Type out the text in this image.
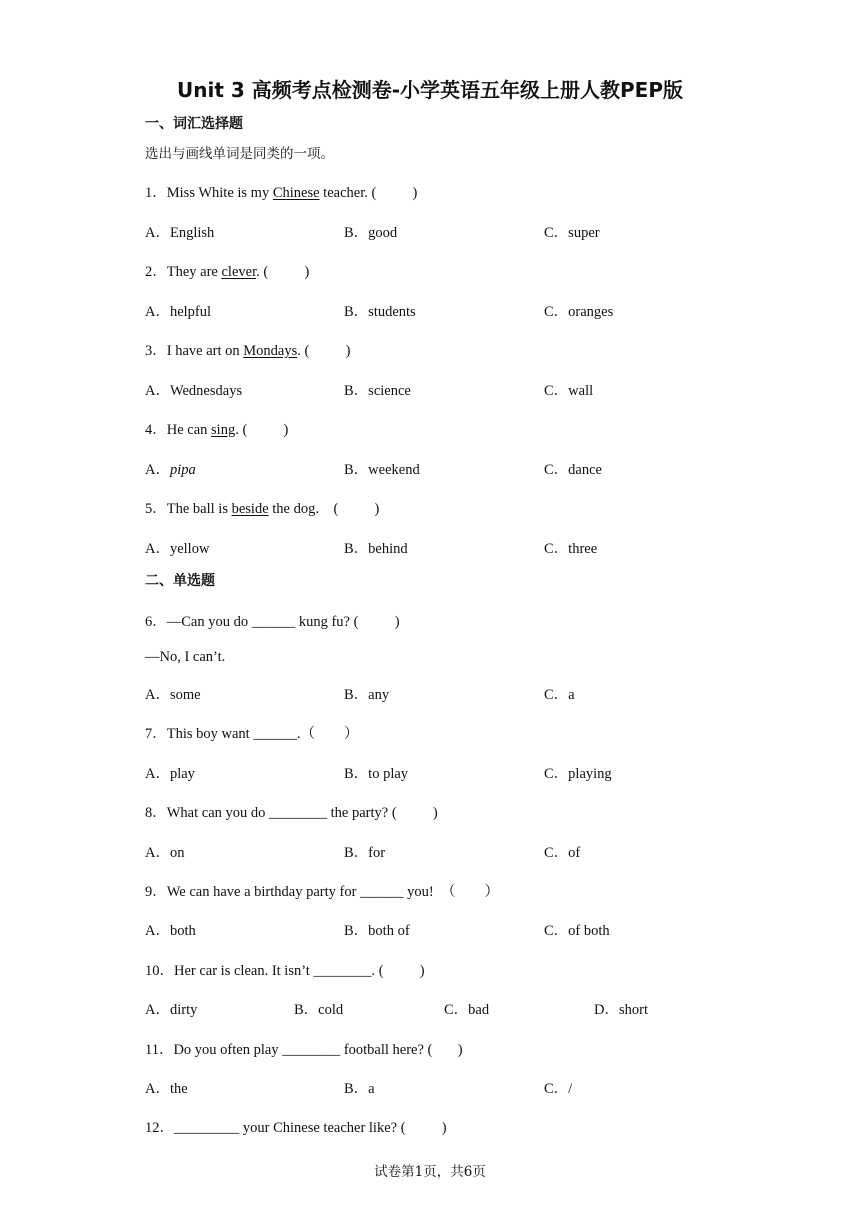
Unit 3 高频考点检测卷-小学英语五年级上册人教PEP版
一、词汇选择题
选出与画线单词是同类的一项。
1．Miss White is my Chinese teacher. (          )
A．English	B．good	C．super
2．They are clever. (          )
A．helpful	B．students	C．oranges
3．I have art on Mondays. (          )
A．Wednesdays	B．science	C．wall
4．He can sing. (          )
A．pipa	B．weekend	C．dance
5．The ball is beside the dog.    (          )
A．yellow	B．behind	C．three
二、单选题
6．—Can you do ______ kung fu? (          )
—No, I can’t.
A．some	B．any	C．a
7．This boy want ______.（        ）
A．play	B．to play	C．playing
8．What can you do ________ the party? (          )
A．on	B．for	C．of
9．We can have a birthday party for ______ you!  （        ）
A．both	B．both of	C．of both
10．Her car is clean. It isn’t ________. (          )
A．dirty	B．cold	C．bad	D．short
11．Do you often play ________ football here? (       )
A．the	B．a	C．/
12．_________ your Chinese teacher like? (          )
试卷第1页，共6页
